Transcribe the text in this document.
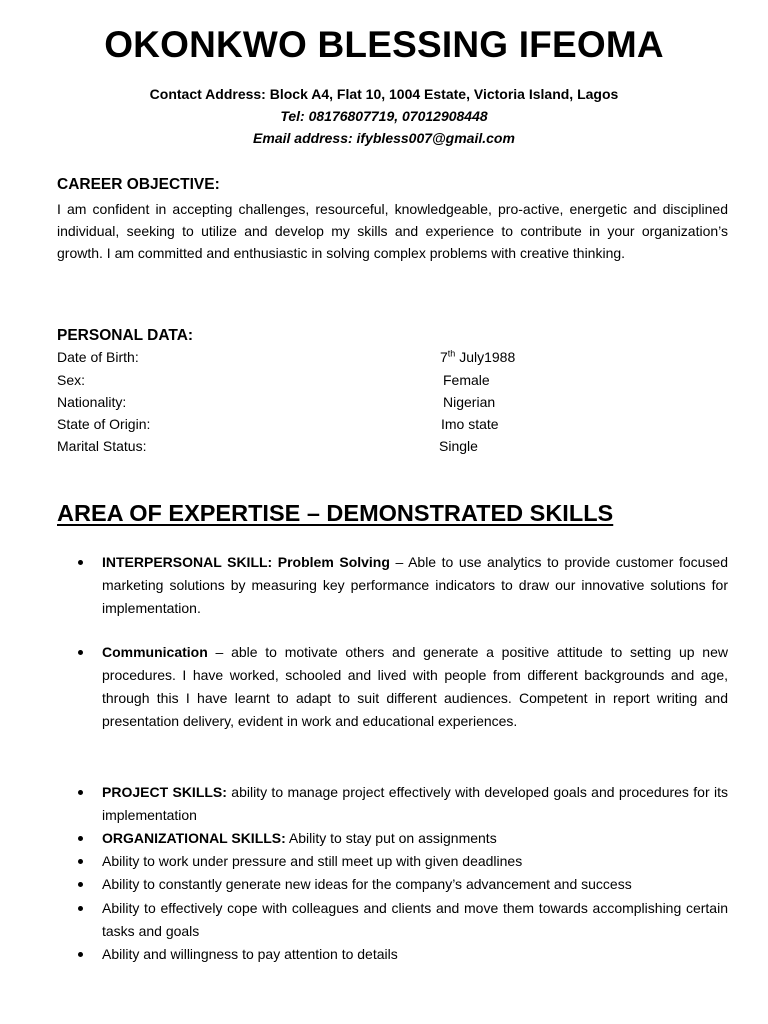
OKONKWO BLESSING IFEOMA
Contact Address: Block A4, Flat 10, 1004 Estate, Victoria Island, Lagos
Tel: 08176807719, 07012908448
Email address: ifybless007@gmail.com
CAREER OBJECTIVE:
I am confident in accepting challenges, resourceful, knowledgeable, pro-active, energetic and disciplined individual, seeking to utilize and develop my skills and experience to contribute in your organization’s growth. I am committed and enthusiastic in solving complex problems with creative thinking.
PERSONAL DATA:
Date of Birth:	7th July1988
Sex:	Female
Nationality:	Nigerian
State of Origin:	Imo state
Marital Status:	Single
AREA OF EXPERTISE – DEMONSTRATED SKILLS
INTERPERSONAL SKILL: Problem Solving – Able to use analytics to provide customer focused marketing solutions by measuring key performance indicators to draw our innovative solutions for implementation.
Communication – able to motivate others and generate a positive attitude to setting up new procedures. I have worked, schooled and lived with people from different backgrounds and age, through this I have learnt to adapt to suit different audiences. Competent in report writing and presentation delivery, evident in work and educational experiences.
PROJECT SKILLS: ability to manage project effectively with developed goals and procedures for its implementation
ORGANIZATIONAL SKILLS: Ability to stay put on assignments
Ability to work under pressure and still meet up with given deadlines
Ability to constantly generate new ideas for the company’s advancement and success
Ability to effectively cope with colleagues and clients and move them towards accomplishing certain tasks and goals
Ability and willingness to pay attention to details
